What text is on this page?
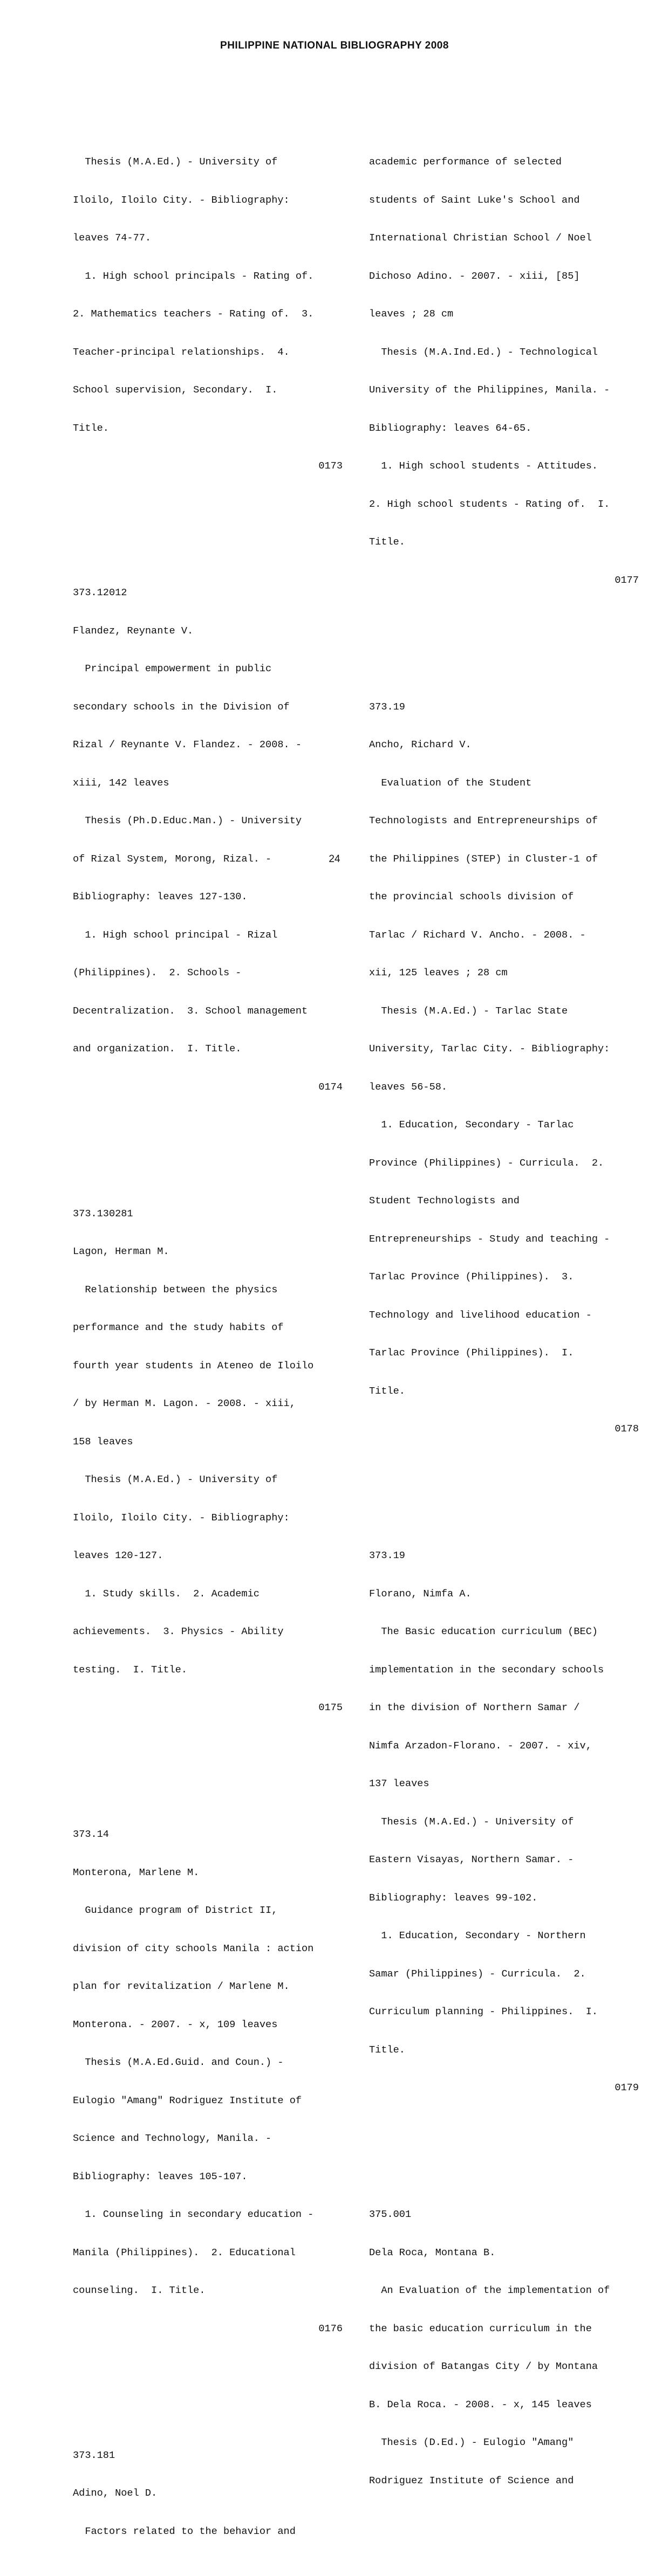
PHILIPPINE NATIONAL BIBLIOGRAPHY 2008

Thesis (M.A.Ed.) - University of

Iloilo, Iloilo City. - Bibliography:

leaves 74-77.

1. High school principals - Rating of.

2. Mathematics teachers - Rating of.  3.

Teacher-principal relationships.  4.

School supervision, Secondary.  I.

Title.

0173

373.12012

Flandez, Reynante V.

Principal empowerment in public

secondary schools in the Division of

Rizal / Reynante V. Flandez. - 2008. -

xiii, 142 leaves

Thesis (Ph.D.Educ.Man.) - University

of Rizal System, Morong, Rizal. -

Bibliography: leaves 127-130.

1. High school principal - Rizal

(Philippines).  2. Schools -

Decentralization.  3. School management

and organization.  I. Title.

0174

373.130281

Lagon, Herman M.

Relationship between the physics

performance and the study habits of

fourth year students in Ateneo de Iloilo

/ by Herman M. Lagon. - 2008. - xiii,

158 leaves

Thesis (M.A.Ed.) - University of

Iloilo, Iloilo City. - Bibliography:

leaves 120-127.

1. Study skills.  2. Academic

achievements.  3. Physics - Ability

testing.  I. Title.

0175

373.14

Monterona, Marlene M.

Guidance program of District II,

division of city schools Manila : action

plan for revitalization / Marlene M.

Monterona. - 2007. - x, 109 leaves

Thesis (M.A.Ed.Guid. and Coun.) -

Eulogio "Amang" Rodriguez Institute of

Science and Technology, Manila. -

Bibliography: leaves 105-107.

1. Counseling in secondary education -

Manila (Philippines).  2. Educational

counseling.  I. Title.

0176

373.181

Adino, Noel D.

Factors related to the behavior and

academic performance of selected

students of Saint Luke's School and

International Christian School / Noel

Dichoso Adino. - 2007. - xiii, [85]

leaves ; 28 cm

Thesis (M.A.Ind.Ed.) - Technological

University of the Philippines, Manila. -

Bibliography: leaves 64-65.

1. High school students - Attitudes.

2. High school students - Rating of.  I.

Title.

0177

373.19

Ancho, Richard V.

Evaluation of the Student

Technologists and Entrepreneurships of

the Philippines (STEP) in Cluster-1 of

the provincial schools division of

Tarlac / Richard V. Ancho. - 2008. -

xii, 125 leaves ; 28 cm

Thesis (M.A.Ed.) - Tarlac State

University, Tarlac City. - Bibliography:

leaves 56-58.

1. Education, Secondary - Tarlac

Province (Philippines) - Curricula.  2.

Student Technologists and

Entrepreneurships - Study and teaching -

Tarlac Province (Philippines).  3.

Technology and livelihood education -

Tarlac Province (Philippines).  I.

Title.

0178

373.19

Florano, Nimfa A.

The Basic education curriculum (BEC)

implementation in the secondary schools

in the division of Northern Samar /

Nimfa Arzadon-Florano. - 2007. - xiv,

137 leaves

Thesis (M.A.Ed.) - University of

Eastern Visayas, Northern Samar. -

Bibliography: leaves 99-102.

1. Education, Secondary - Northern

Samar (Philippines) - Curricula.  2.

Curriculum planning - Philippines.  I.

Title.

0179

375.001

Dela Roca, Montana B.

An Evaluation of the implementation of

the basic education curriculum in the

division of Batangas City / by Montana

B. Dela Roca. - 2008. - x, 145 leaves

Thesis (D.Ed.) - Eulogio "Amang"

Rodriguez Institute of Science and

24
